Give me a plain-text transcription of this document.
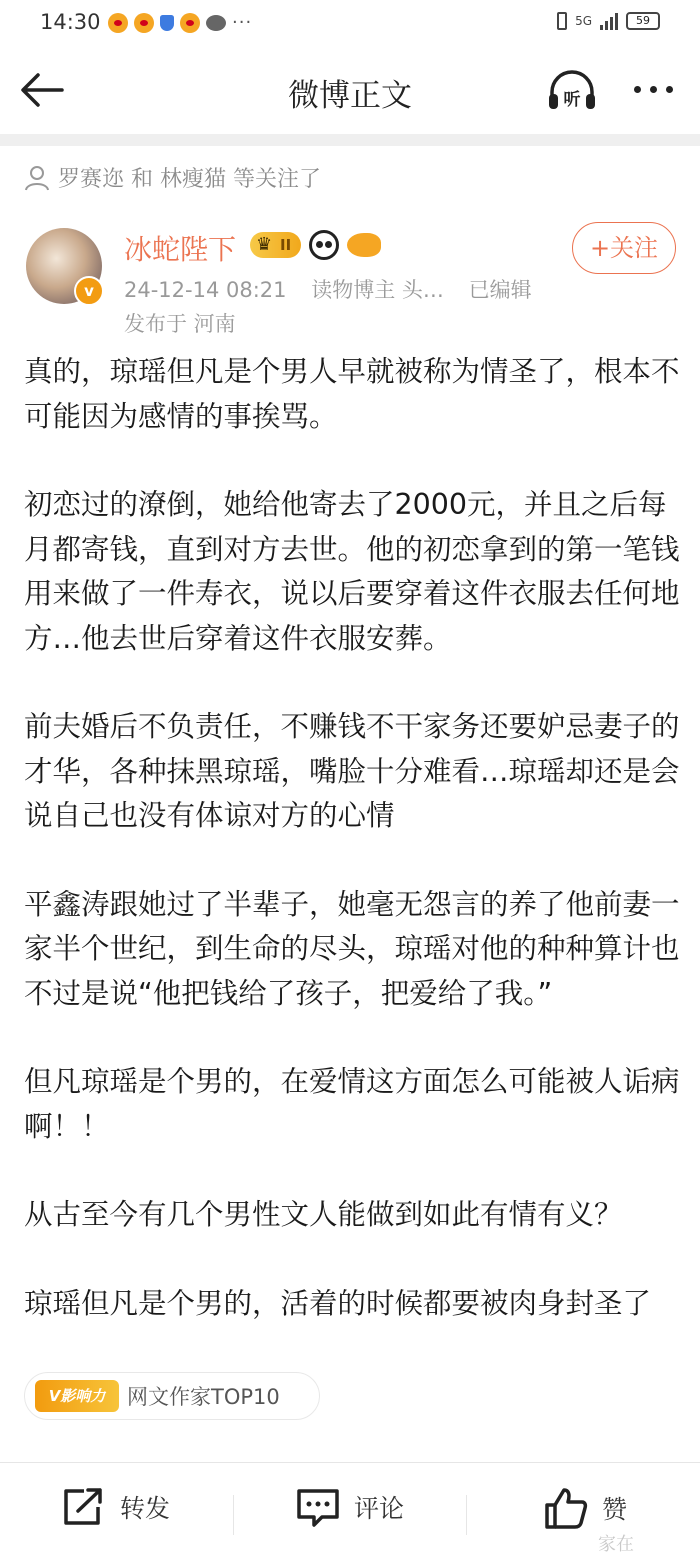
14:30	···	5G	59
微博正文	听
罗赛迩 和 林瘦猫 等关注了
v
冰蛇陛下
♛	II
24-12-14 08:21 读物博主 头… 已编辑
发布于 河南
+关注

真的，琼瑶但凡是个男人早就被称为情圣了，根本不可能因为感情的事挨骂。

初恋过的潦倒，她给他寄去了2000元，并且之后每月都寄钱，直到对方去世。他的初恋拿到的第一笔钱用来做了一件寿衣，说以后要穿着这件衣服去任何地方…他去世后穿着这件衣服安葬。

前夫婚后不负责任，不赚钱不干家务还要妒忌妻子的才华，各种抹黑琼瑶，嘴脸十分难看…琼瑶却还是会说自己也没有体谅对方的心情

平鑫涛跟她过了半辈子，她毫无怨言的养了他前妻一家半个世纪，到生命的尽头，琼瑶对他的种种算计也不过是说“他把钱给了孩子，把爱给了我。”

但凡琼瑶是个男的，在爱情这方面怎么可能被人诟病啊！！

从古至今有几个男性文人能做到如此有情有义？

琼瑶但凡是个男的，活着的时候都要被肉身封圣了

V影响力	网文作家TOP10
转发	评论	赞
家在
